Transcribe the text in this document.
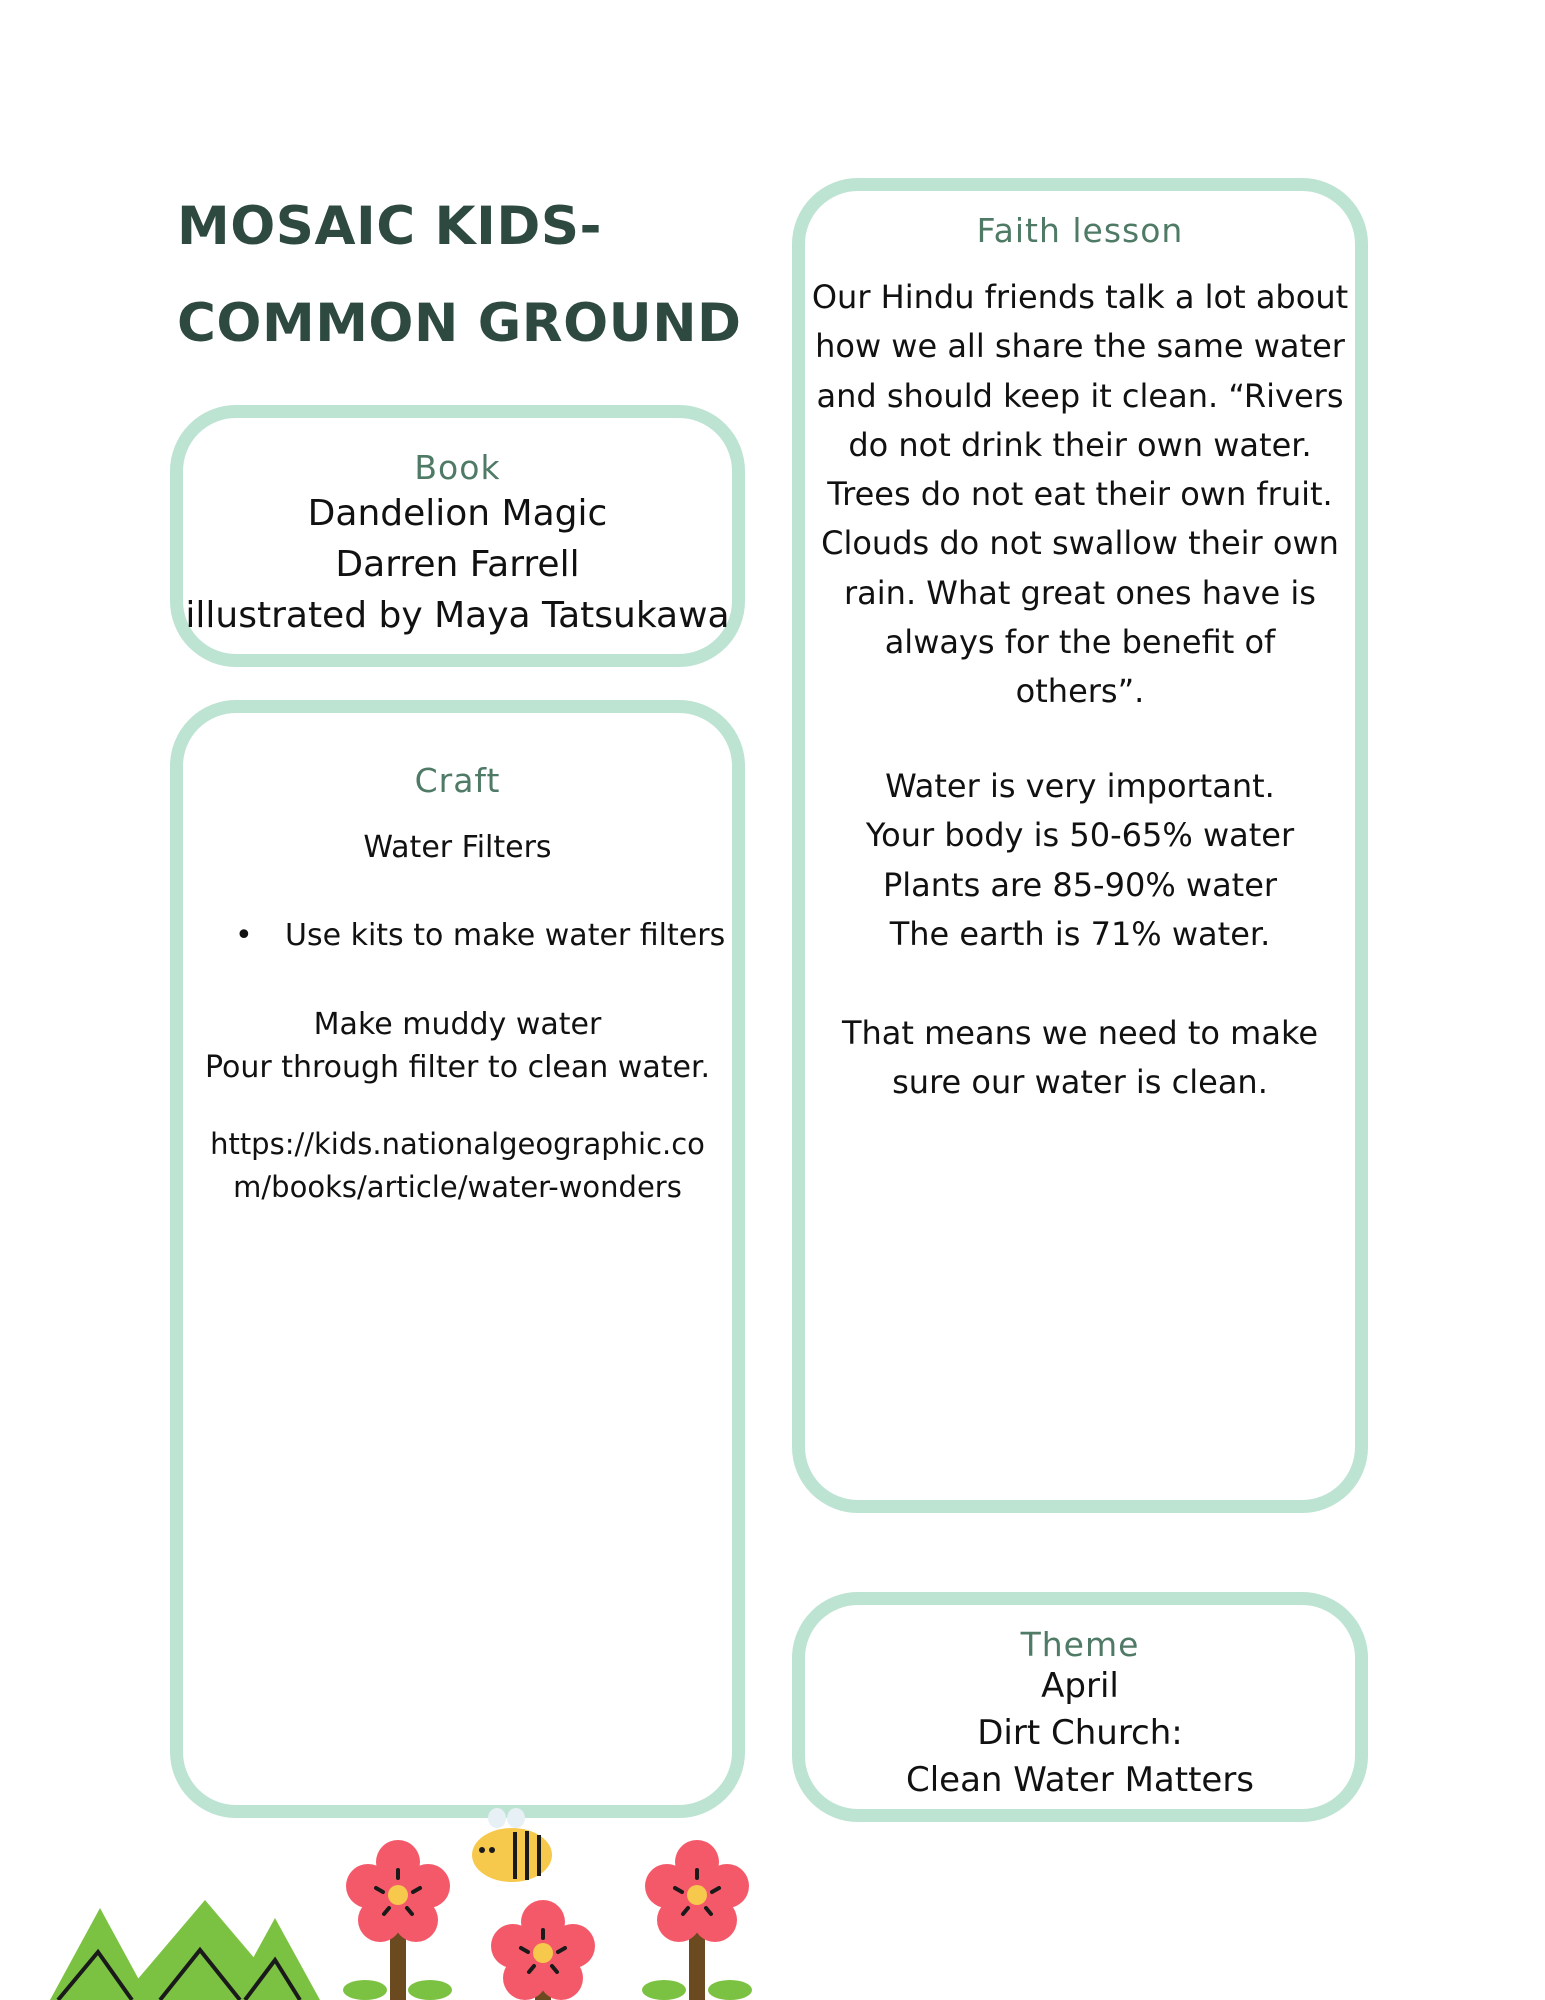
MOSAIC KIDS-
COMMON GROUND
Book
Dandelion Magic
Darren Farrell
illustrated by Maya Tatsukawa
Craft
Water Filters
• Use kits to make water filters
Make muddy water
Pour through filter to clean water.
https://kids.nationalgeographic.co
m/books/article/water-wonders
Faith lesson
Our Hindu friends talk a lot about
how we all share the same water
and should keep it clean. “Rivers
do not drink their own water.
Trees do not eat their own fruit.
Clouds do not swallow their own
rain. What great ones have is
always for the benefit of
others”.
Water is very important.
Your body is 50-65% water
Plants are 85-90% water
The earth is 71% water.
That means we need to make
sure our water is clean.
Theme
April
Dirt Church:
Clean Water Matters
